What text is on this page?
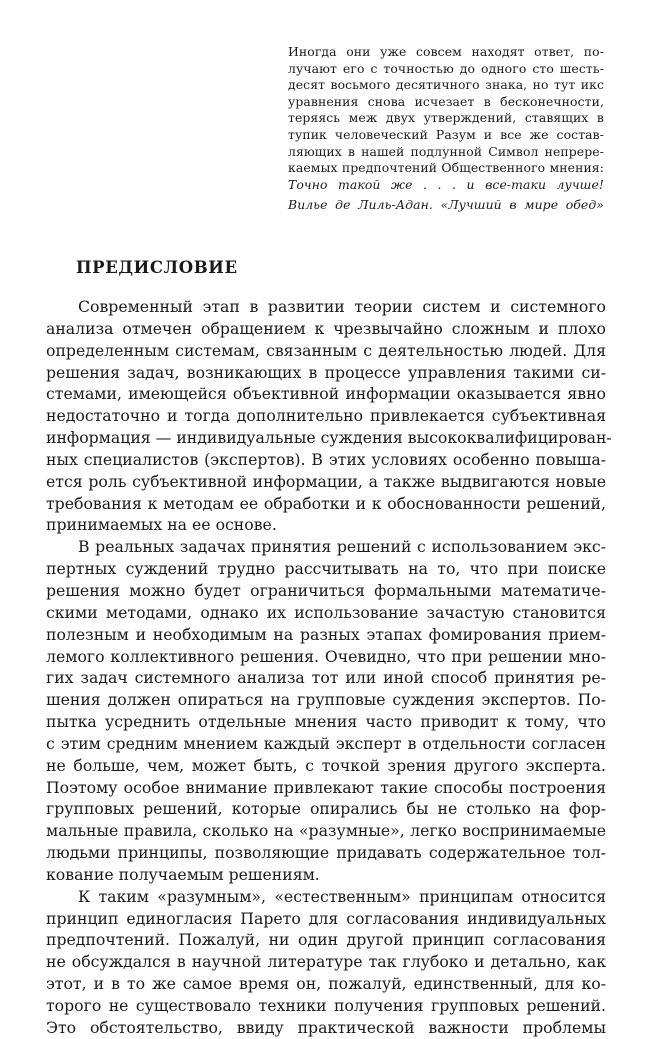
Иногда они уже совсем находят ответ, по-
лучают его с точностью до одного сто шесть-
десят восьмого десятичного знака, но тут икс
уравнения снова исчезает в бесконечности,
теряясь меж двух утверждений, ставящих в
тупик человеческий Разум и все же состав-
ляющих в нашей подлунной Символ непрере-
каемых предпочтений Общественного мнения:
Точно такой же . . . и все-таки лучше!
Вилье де Лиль-Адан. «Лучший в мире обед»
ПРЕДИСЛОВИЕ
Современный этап в развитии теории систем и системного
анализа отмечен обращением к чрезвычайно сложным и плохо
определенным системам, связанным с деятельностью людей. Для
решения задач, возникающих в процессе управления такими си-
стемами, имеющейся объективной информации оказывается явно
недостаточно и тогда дополнительно привлекается субъективная
информация — индивидуальные суждения высококвалифицирован-
ных специалистов (экспертов). В этих условиях особенно повыша-
ется роль субъективной информации, а также выдвигаются новые
требования к методам ее обработки и к обоснованности решений,
принимаемых на ее основе.
В реальных задачах принятия решений с использованием экс-
пертных суждений трудно рассчитывать на то, что при поиске
решения можно будет ограничиться формальными математиче-
скими методами, однако их использование зачастую становится
полезным и необходимым на разных этапах фомирования прием-
лемого коллективного решения. Очевидно, что при решении мно-
гих задач системного анализа тот или иной способ принятия ре-
шения должен опираться на групповые суждения экспертов. По-
пытка усреднить отдельные мнения часто приводит к тому, что
с этим средним мнением каждый эксперт в отдельности согласен
не больше, чем, может быть, с точкой зрения другого эксперта.
Поэтому особое внимание привлекают такие способы построения
групповых решений, которые опирались бы не столько на фор-
мальные правила, сколько на «разумные», легко воспринимаемые
людьми принципы, позволяющие придавать содержательное тол-
кование получаемым решениям.
К таким «разумным», «естественным» принципам относится
принцип единогласия Парето для согласования индивидуальных
предпочтений. Пожалуй, ни один другой принцип согласования
не обсуждался в научной литературе так глубоко и детально, как
этот, и в то же самое время он, пожалуй, единственный, для ко-
торого не существовало техники получения групповых решений.
Это обстоятельство, ввиду практической важности проблемы
